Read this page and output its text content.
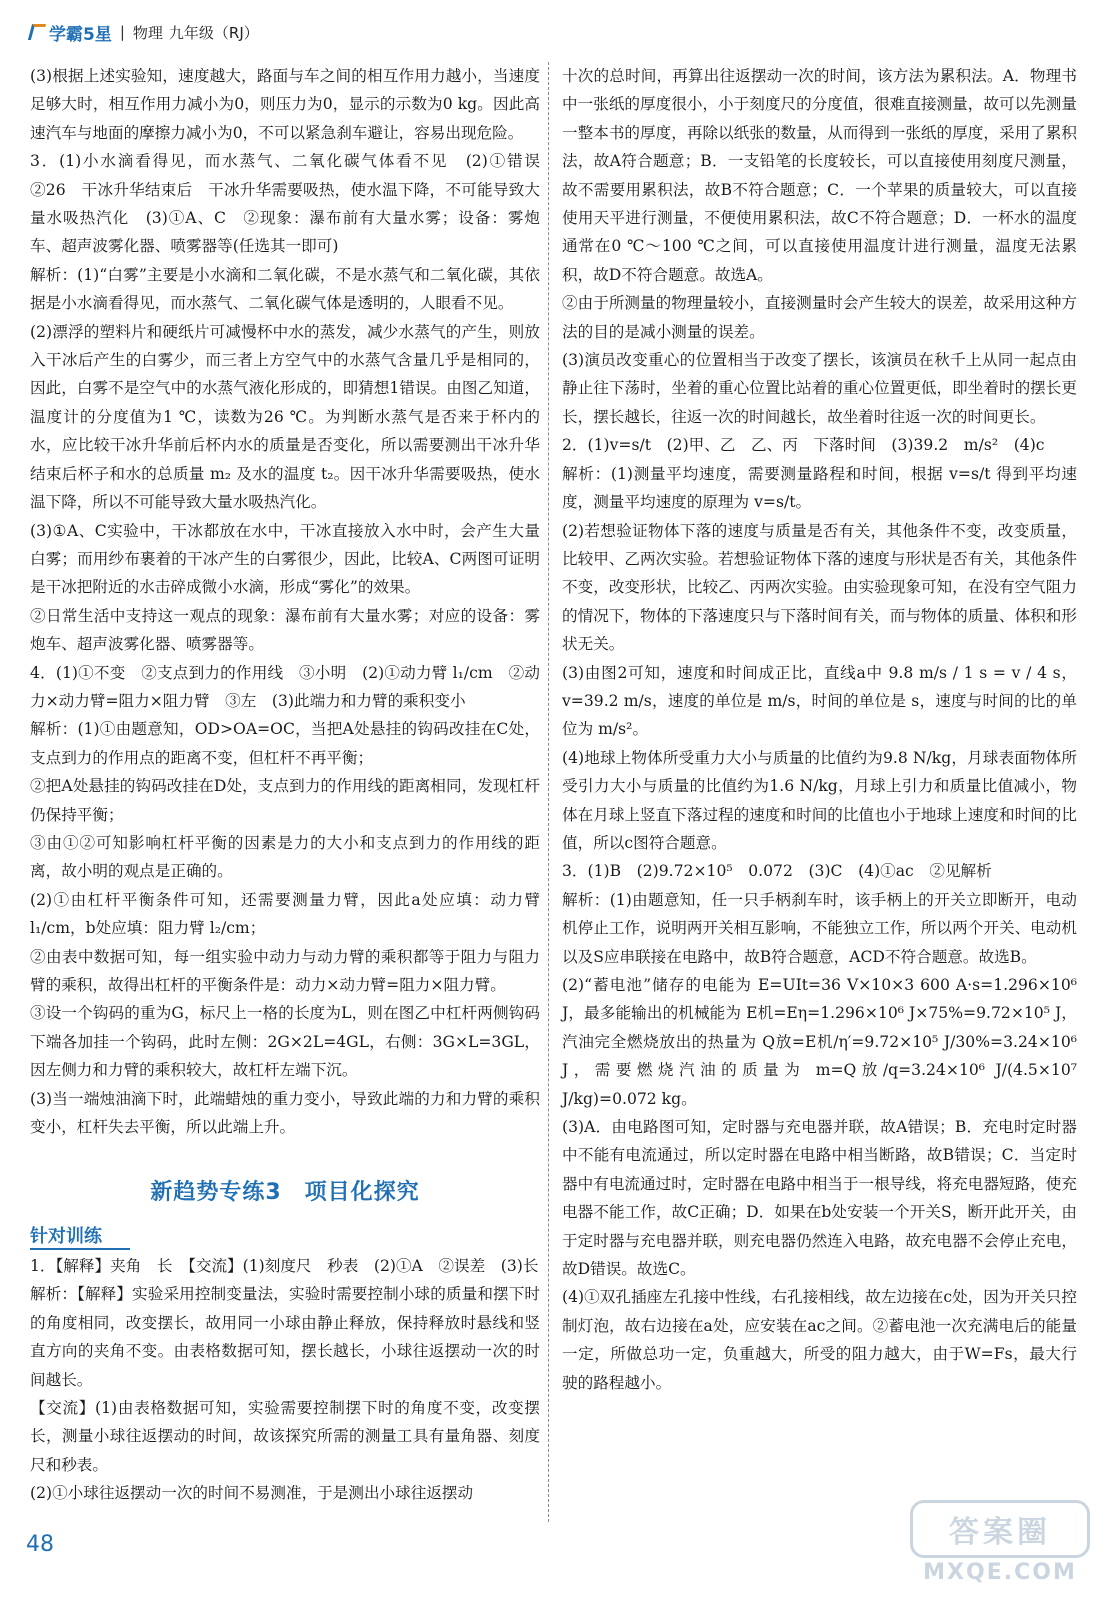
学霸5星 | 物理 九年级（RJ）
(3)根据上述实验知，速度越大，路面与车之间的相互作用力越小，当速度足够大时，相互作用力减小为0，则压力为0，显示的示数为0 kg。因此高速汽车与地面的摩擦力减小为0，不可以紧急刹车避让，容易出现危险。
3．(1)小水滴看得见，而水蒸气、二氧化碳气体看不见　(2)①错误　②26　干冰升华结束后　干冰升华需要吸热，使水温下降，不可能导致大量水吸热汽化　(3)①A、C　②现象：瀑布前有大量水雾；设备：雾炮车、超声波雾化器、喷雾器等(任选其一即可)
解析：(1)“白雾”主要是小水滴和二氧化碳，不是水蒸气和二氧化碳，其依据是小水滴看得见，而水蒸气、二氧化碳气体是透明的，人眼看不见。
(2)漂浮的塑料片和硬纸片可减慢杯中水的蒸发，减少水蒸气的产生，则放入干冰后产生的白雾少，而三者上方空气中的水蒸气含量几乎是相同的，因此，白雾不是空气中的水蒸气液化形成的，即猜想1错误。由图乙知道，温度计的分度值为1 ℃，读数为26 ℃。为判断水蒸气是否来于杯内的水，应比较干冰升华前后杯内水的质量是否变化，所以需要测出干冰升华结束后杯子和水的总质量 m₂ 及水的温度 t₂。因干冰升华需要吸热，使水温下降，所以不可能导致大量水吸热汽化。
(3)①A、C实验中，干冰都放在水中，干冰直接放入水中时，会产生大量白雾；而用纱布裹着的干冰产生的白雾很少，因此，比较A、C两图可证明是干冰把附近的水击碎成微小水滴，形成“雾化”的效果。
②日常生活中支持这一观点的现象：瀑布前有大量水雾；对应的设备：雾炮车、超声波雾化器、喷雾器等。
4．(1)①不变　②支点到力的作用线　③小明　(2)①动力臂 l₁/cm　②动力×动力臂=阻力×阻力臂　③左　(3)此端力和力臂的乘积变小
解析：(1)①由题意知，OD>OA=OC，当把A处悬挂的钩码改挂在C处，支点到力的作用点的距离不变，但杠杆不再平衡；
②把A处悬挂的钩码改挂在D处，支点到力的作用线的距离相同，发现杠杆仍保持平衡；
③由①②可知影响杠杆平衡的因素是力的大小和支点到力的作用线的距离，故小明的观点是正确的。
(2)①由杠杆平衡条件可知，还需要测量力臂，因此a处应填：动力臂 l₁/cm，b处应填：阻力臂 l₂/cm；
②由表中数据可知，每一组实验中动力与动力臂的乘积都等于阻力与阻力臂的乘积，故得出杠杆的平衡条件是：动力×动力臂=阻力×阻力臂。
③设一个钩码的重为G，标尺上一格的长度为L，则在图乙中杠杆两侧钩码下端各加挂一个钩码，此时左侧：2G×2L=4GL，右侧：3G×L=3GL，因左侧力和力臂的乘积较大，故杠杆左端下沉。
(3)当一端烛油滴下时，此端蜡烛的重力变小，导致此端的力和力臂的乘积变小，杠杆失去平衡，所以此端上升。
新趋势专练3　项目化探究
针对训练
1．【解释】夹角　长　【交流】(1)刻度尺　秒表　(2)①A　②误差　(3)长
解析：【解释】实验采用控制变量法，实验时需要控制小球的质量和摆下时的角度相同，改变摆长，故用同一小球由静止释放，保持释放时悬线和竖直方向的夹角不变。由表格数据可知，摆长越长，小球往返摆动一次的时间越长。
【交流】(1)由表格数据可知，实验需要控制摆下时的角度不变，改变摆长，测量小球往返摆动的时间，故该探究所需的测量工具有量角器、刻度尺和秒表。
(2)①小球往返摆动一次的时间不易测准，于是测出小球往返摆动
十次的总时间，再算出往返摆动一次的时间，该方法为累积法。A．物理书中一张纸的厚度很小，小于刻度尺的分度值，很难直接测量，故可以先测量一整本书的厚度，再除以纸张的数量，从而得到一张纸的厚度，采用了累积法，故A符合题意；B．一支铅笔的长度较长，可以直接使用刻度尺测量，故不需要用累积法，故B不符合题意；C．一个苹果的质量较大，可以直接使用天平进行测量，不便使用累积法，故C不符合题意；D．一杯水的温度通常在0 ℃～100 ℃之间，可以直接使用温度计进行测量，温度无法累积，故D不符合题意。故选A。
②由于所测量的物理量较小，直接测量时会产生较大的误差，故采用这种方法的目的是减小测量的误差。
(3)演员改变重心的位置相当于改变了摆长，该演员在秋千上从同一起点由静止往下荡时，坐着的重心位置比站着的重心位置更低，即坐着时的摆长更长，摆长越长，往返一次的时间越长，故坐着时往返一次的时间更长。
2．(1)v=s/t　(2)甲、乙　乙、丙　下落时间　(3)39.2　m/s²　(4)c
解析：(1)测量平均速度，需要测量路程和时间，根据 v=s/t 得到平均速度，测量平均速度的原理为 v=s/t。
(2)若想验证物体下落的速度与质量是否有关，其他条件不变，改变质量，比较甲、乙两次实验。若想验证物体下落的速度与形状是否有关，其他条件不变，改变形状，比较乙、丙两次实验。由实验现象可知，在没有空气阻力的情况下，物体的下落速度只与下落时间有关，而与物体的质量、体积和形状无关。
(3)由图2可知，速度和时间成正比，直线a中 9.8 m/s / 1 s = v / 4 s，v=39.2 m/s，速度的单位是 m/s，时间的单位是 s，速度与时间的比的单位为 m/s²。
(4)地球上物体所受重力大小与质量的比值约为9.8 N/kg，月球表面物体所受引力大小与质量的比值约为1.6 N/kg，月球上引力和质量比值减小，物体在月球上竖直下落过程的速度和时间的比值也小于地球上速度和时间的比值，所以c图符合题意。
3．(1)B　(2)9.72×10⁵　0.072　(3)C　(4)①ac　②见解析
解析：(1)由题意知，任一只手柄刹车时，该手柄上的开关立即断开，电动机停止工作，说明两开关相互影响，不能独立工作，所以两个开关、电动机以及S应串联接在电路中，故B符合题意，ACD不符合题意。故选B。
(2)“蓄电池”储存的电能为 E=UIt=36 V×10×3 600 A·s=1.296×10⁶ J，最多能输出的机械能为 E机=Eη=1.296×10⁶ J×75%=9.72×10⁵ J，汽油完全燃烧放出的热量为 Q放=E机/η′=9.72×10⁵ J/30%=3.24×10⁶ J，需要燃烧汽油的质量为 m=Q放/q=3.24×10⁶ J/(4.5×10⁷ J/kg)=0.072 kg。
(3)A．由电路图可知，定时器与充电器并联，故A错误；B．充电时定时器中不能有电流通过，所以定时器在电路中相当断路，故B错误；C．当定时器中有电流通过时，定时器在电路中相当于一根导线，将充电器短路，使充电器不能工作，故C正确；D．如果在b处安装一个开关S，断开此开关，由于定时器与充电器并联，则充电器仍然连入电路，故充电器不会停止充电，故D错误。故选C。
(4)①双孔插座左孔接中性线，右孔接相线，故左边接在c处，因为开关只控制灯泡，故右边接在a处，应安装在ac之间。②蓄电池一次充满电后的能量一定，所做总功一定，负重越大，所受的阻力越大，由于W=Fs，最大行驶的路程越小。
48	答案圈
MXQE.COM
